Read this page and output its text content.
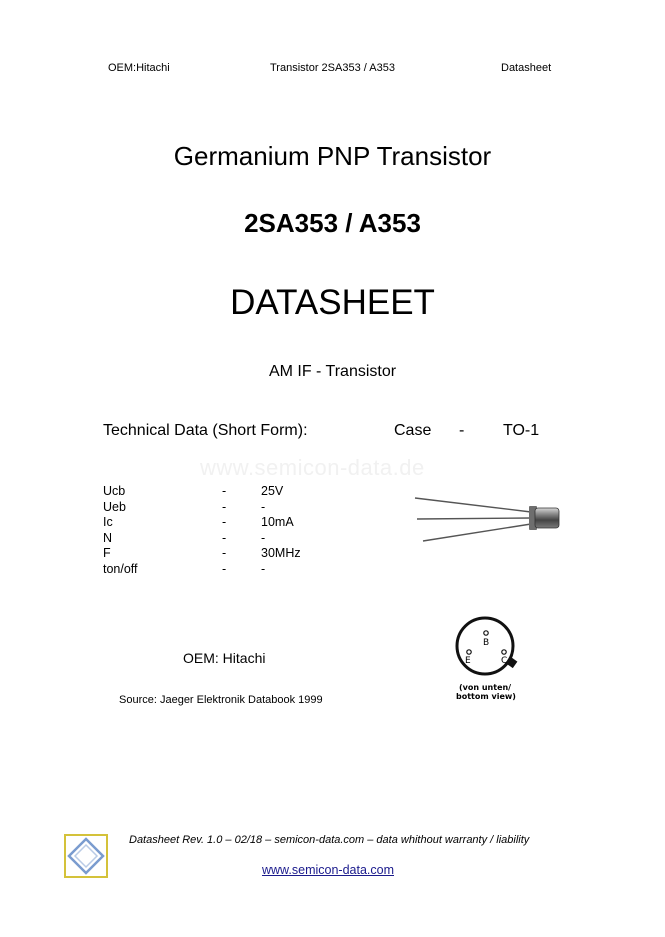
OEM:Hitachi	Transistor 2SA353 / A353	Datasheet
Germanium PNP Transistor
2SA353 / A353
DATASHEET
AM IF - Transistor
Technical Data (Short Form):	Case - TO-1
www.semicon-data.de
Ucb	-	25V
Ueb	-	-
Ic	-	10mA
N	-	-
F	-	30MHz
ton/off	-	-
B
E	C
(von unten/
bottom view)
OEM: Hitachi
Source: Jaeger Elektronik Databook 1999
Datasheet Rev. 1.0 – 02/18 – semicon-data.com – data whithout warranty / liability
www.semicon-data.com
